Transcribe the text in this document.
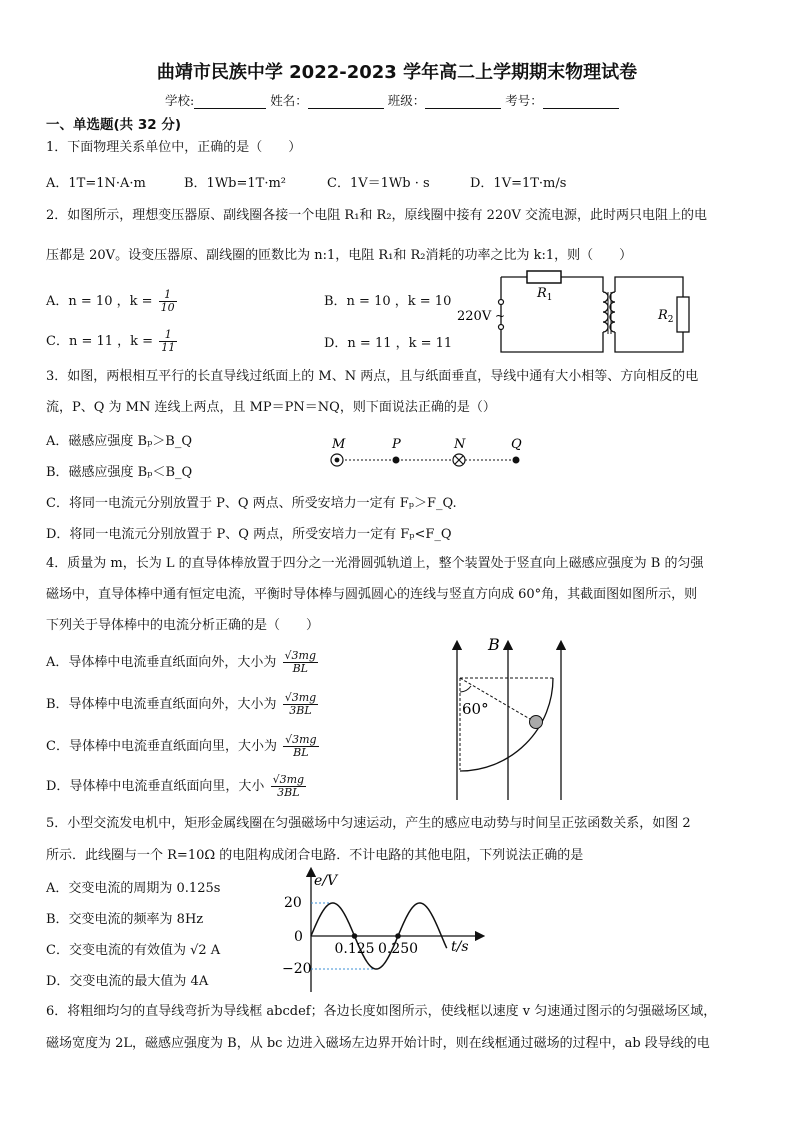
曲靖市民族中学 2022-2023 学年高二上学期期末物理试卷
学校:	姓名：	班级：	考号：
一、单选题(共 32 分)
1．下面物理关系单位中，正确的是（　　）
A．1T=1N·A·m	B．1Wb=1T·m²	C．1V＝1Wb · s	D．1V=1T·m/s
2．如图所示，理想变压器原、副线圈各接一个电阻 R₁和 R₂，原线圈中接有 220V 交流电源，此时两只电阻上的电
压都是 20V。设变压器原、副线圈的匝数比为 n:1，电阻 R₁和 R₂消耗的功率之比为 k:1，则（　　）
A．n = 10 ，$k = \frac{1}{10}$	B．n = 10 ，k = 10
C．n = 11 ，$k = \frac{1}{11}$	D．n = 11 ，k = 11
220V ~
$R_1$
$R_2$
3．如图，两根相互平行的长直导线过纸面上的 M、N 两点，且与纸面垂直，导线中通有大小相等、方向相反的电
流，P、Q 为 MN 连线上两点，且 MP＝PN＝NQ，则下面说法正确的是（）
A．磁感应强度 Bₚ＞B_Q
B．磁感应强度 Bₚ＜B_Q
C．将同一电流元分别放置于 P、Q 两点、所受安培力一定有 Fₚ＞F_Q.
D．将同一电流元分别放置于 P、Q 两点，所受安培力一定有 Fₚ<F_Q
M	P	N	Q
4．质量为 m，长为 L 的直导体棒放置于四分之一光滑圆弧轨道上，整个装置处于竖直向上磁感应强度为 B 的匀强
磁场中，直导体棒中通有恒定电流，平衡时导体棒与圆弧圆心的连线与竖直方向成 60°角，其截面图如图所示，则
下列关于导体棒中的电流分析正确的是（　　）
A．导体棒中电流垂直纸面向外，大小为 $\frac{√3mg}{BL}$
B．导体棒中电流垂直纸面向外，大小为 $\frac{√3mg}{3BL}$
C．导体棒中电流垂直纸面向里，大小为 $\frac{√3mg}{BL}$
D．导体棒中电流垂直纸面向里，大小 $\frac{√3mg}{3BL}$
B
60°
5．小型交流发电机中，矩形金属线圈在匀强磁场中匀速运动，产生的感应电动势与时间呈正弦函数关系，如图 2
所示．此线圈与一个 R=10Ω 的电阻构成闭合电路．不计电路的其他电阻，下列说法正确的是
A．交变电流的周期为 0.125s
B．交变电流的频率为 8Hz
C．交变电流的有效值为 √2 A
D．交变电流的最大值为 4A
e/V
t/s
20
0
−20
0.125 0.250
6．将粗细均匀的直导线弯折为导线框 abcdef；各边长度如图所示，使线框以速度 v 匀速通过图示的匀强磁场区域，
磁场宽度为 2L，磁感应强度为 B，从 bc 边进入磁场左边界开始计时，则在线框通过磁场的过程中，ab 段导线的电
